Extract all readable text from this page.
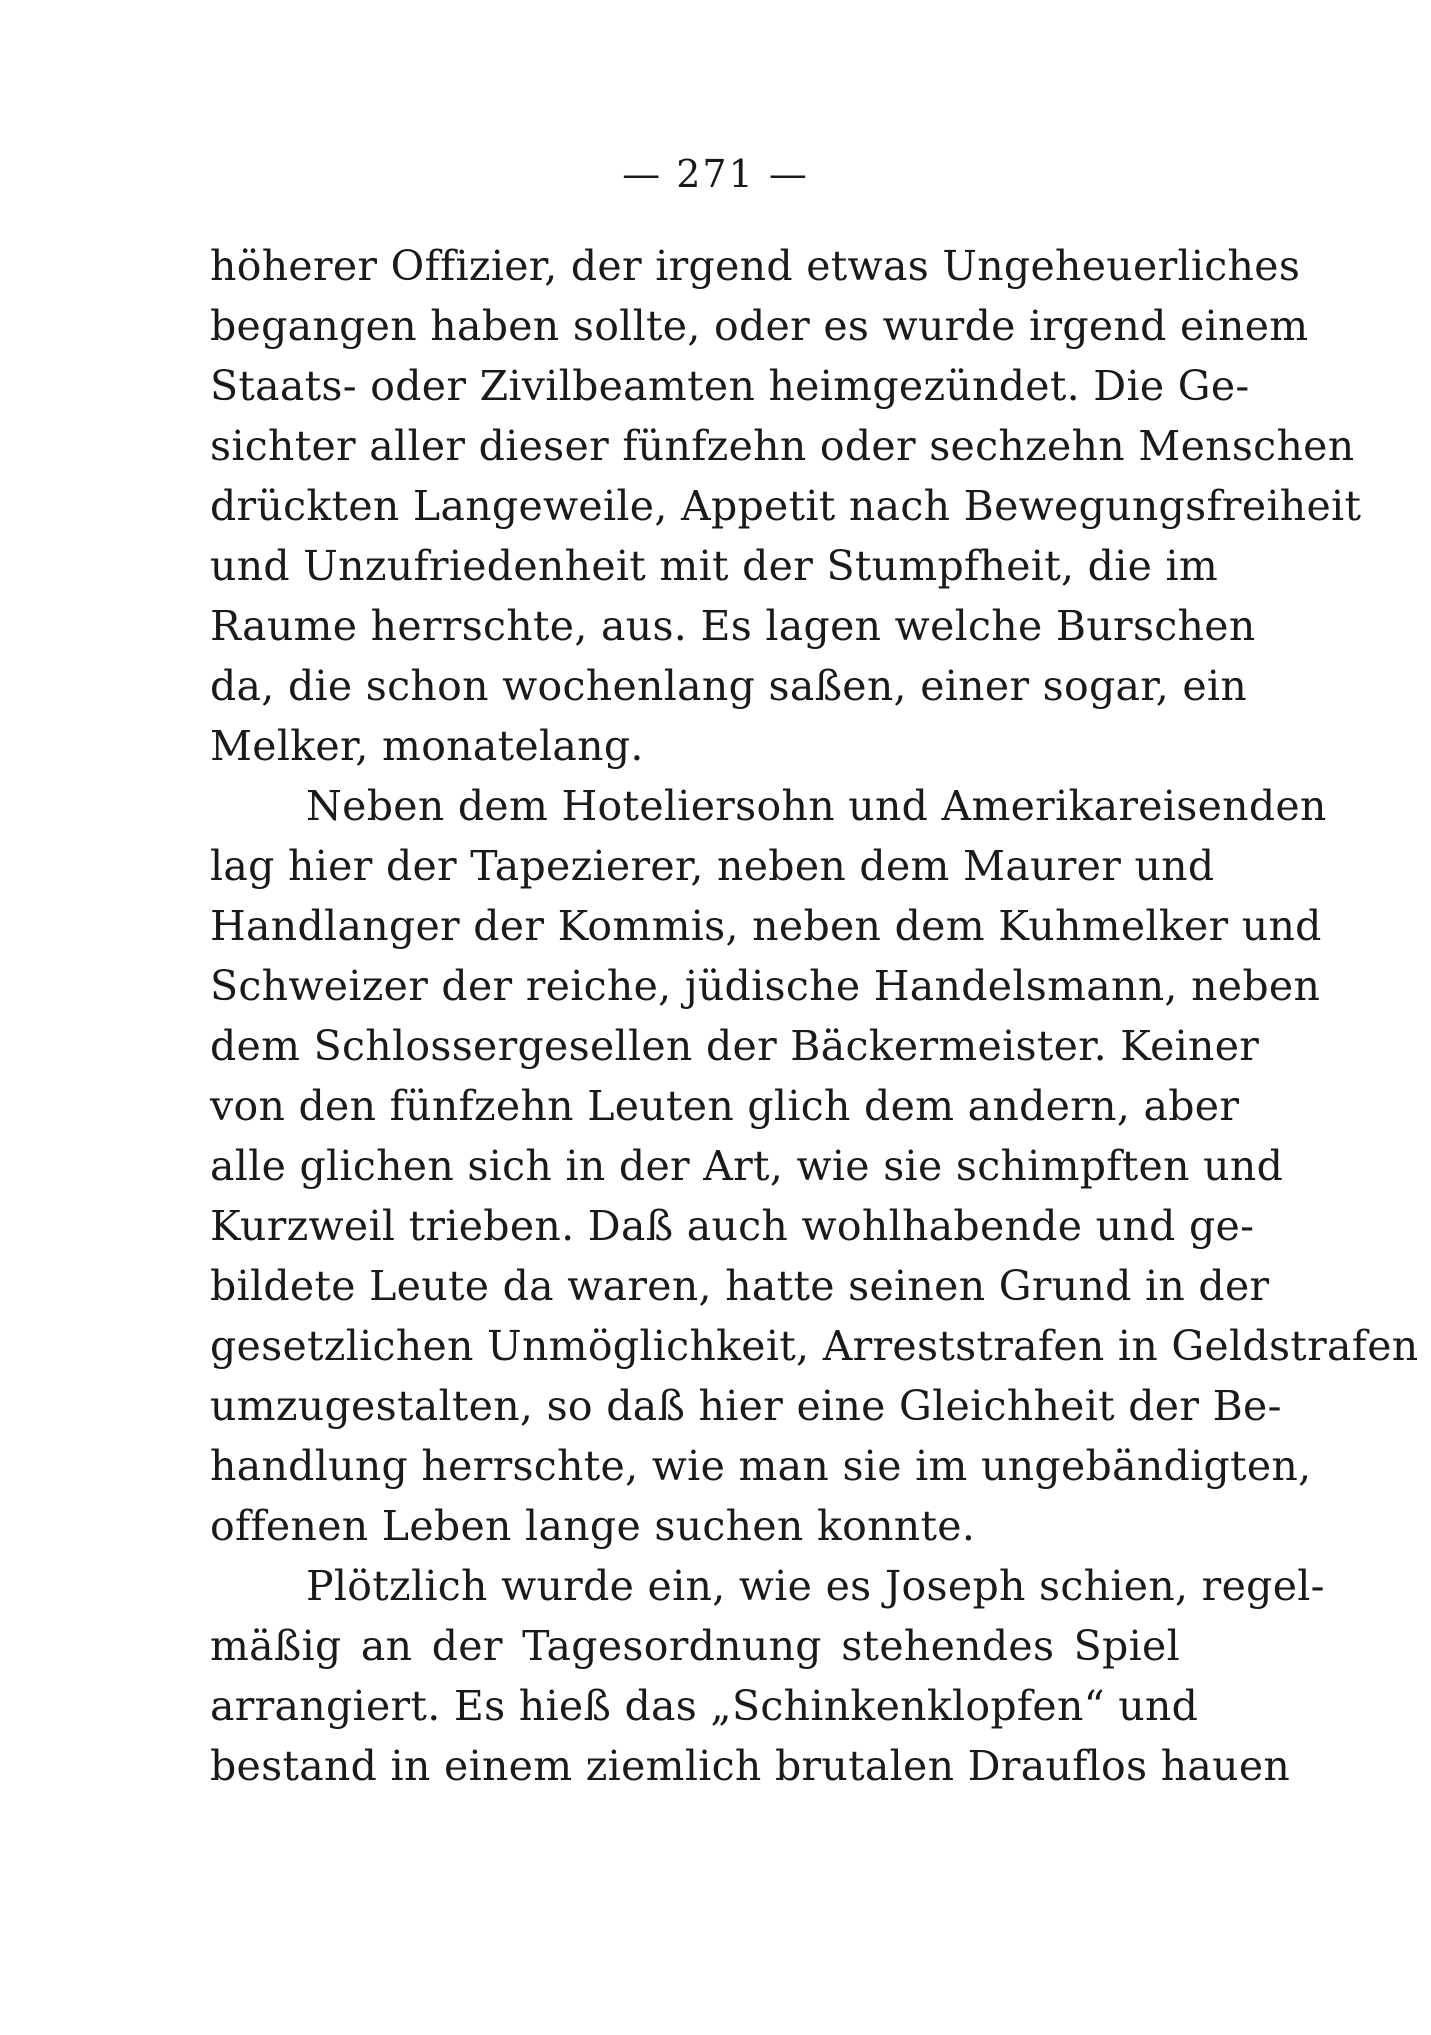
— 271 —
höherer Offizier, der irgend etwas Ungeheuerliches
begangen haben sollte, oder es wurde irgend einem
Staats- oder Zivilbeamten heimgezündet. Die Ge-
sichter aller dieser fünfzehn oder sechzehn Menschen
drückten Langeweile, Appetit nach Bewegungsfreiheit
und Unzufriedenheit mit der Stumpfheit, die im
Raume herrschte, aus. Es lagen welche Burschen
da, die schon wochenlang saßen, einer sogar, ein
Melker, monatelang.
Neben dem Hoteliersohn und Amerikareisenden
lag hier der Tapezierer, neben dem Maurer und
Handlanger der Kommis, neben dem Kuhmelker und
Schweizer der reiche, jüdische Handelsmann, neben
dem Schlossergesellen der Bäckermeister. Keiner
von den fünfzehn Leuten glich dem andern, aber
alle glichen sich in der Art, wie sie schimpften und
Kurzweil trieben. Daß auch wohlhabende und ge-
bildete Leute da waren, hatte seinen Grund in der
gesetzlichen Unmöglichkeit, Arreststrafen in Geldstrafen
umzugestalten, so daß hier eine Gleichheit der Be-
handlung herrschte, wie man sie im ungebändigten,
offenen Leben lange suchen konnte.
Plötzlich wurde ein, wie es Joseph schien, regel-
mäßig an der Tagesordnung stehendes Spiel
arrangiert. Es hieß das „Schinkenklopfen“ und
bestand in einem ziemlich brutalen Drauflos hauen
